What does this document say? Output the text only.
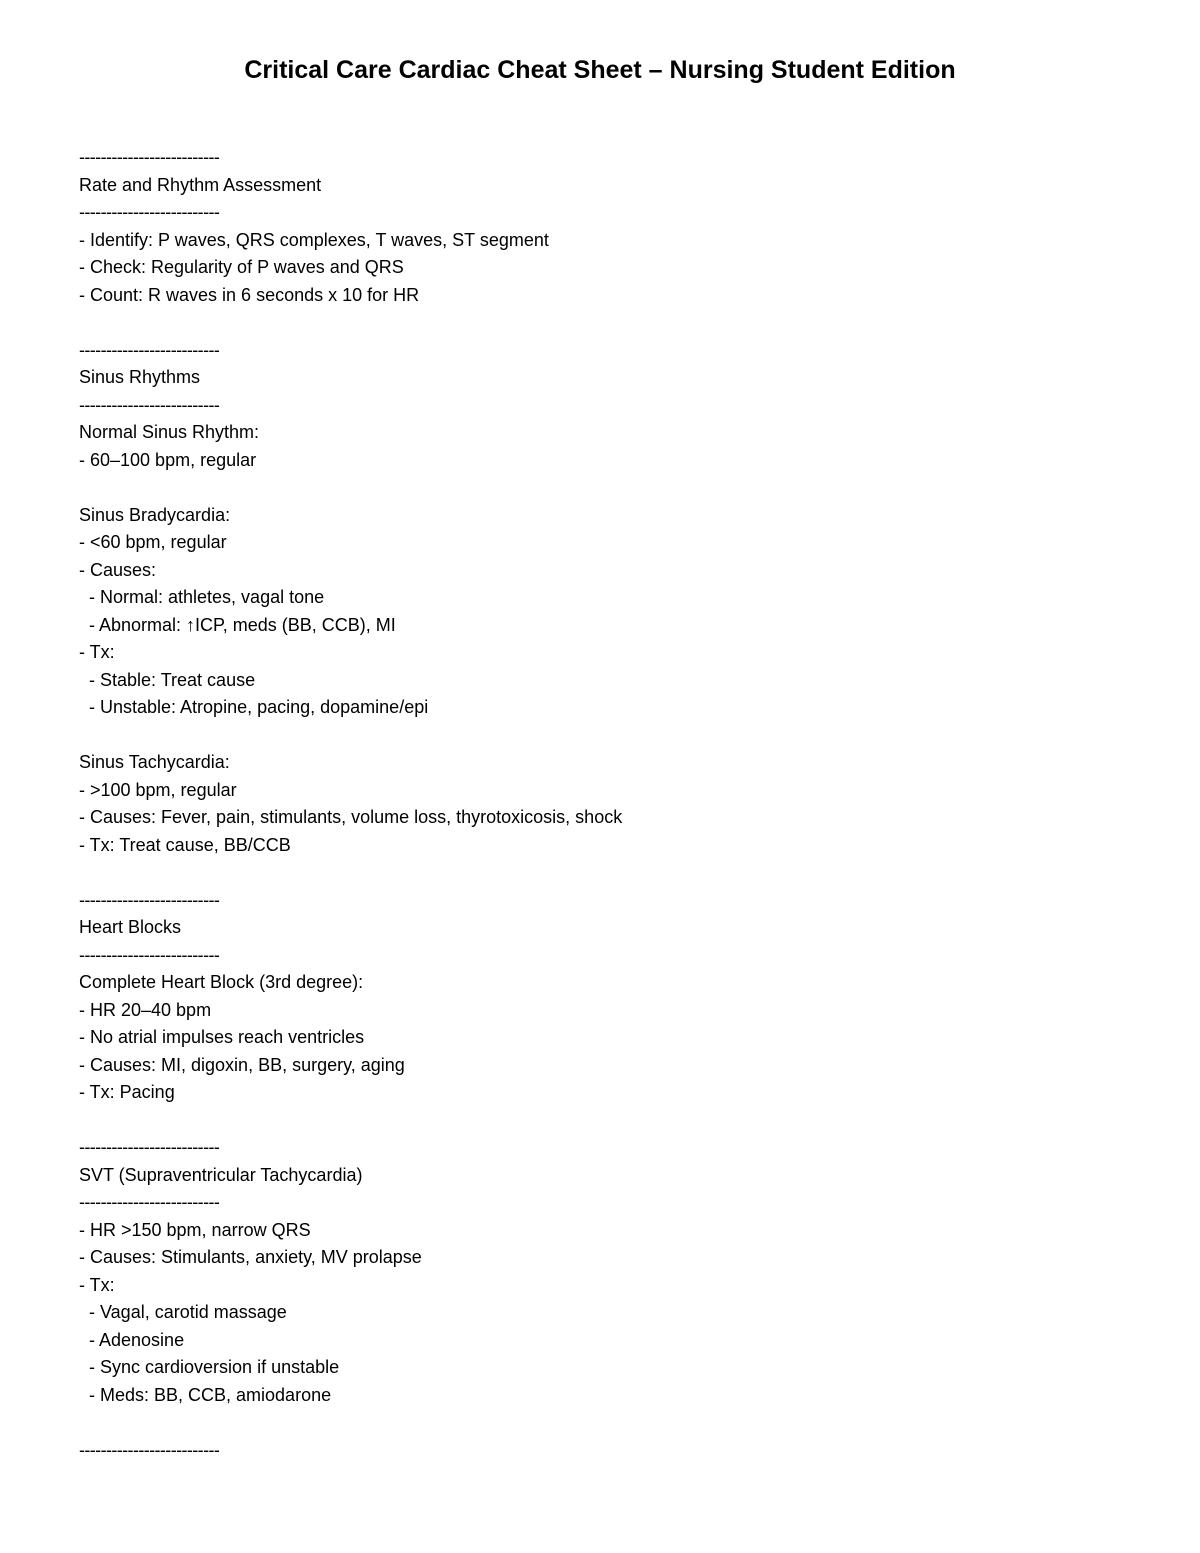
Critical Care Cardiac Cheat Sheet – Nursing Student Edition
--------------------------
Rate and Rhythm Assessment
--------------------------
- Identify: P waves, QRS complexes, T waves, ST segment
- Check: Regularity of P waves and QRS
- Count: R waves in 6 seconds x 10 for HR
--------------------------
Sinus Rhythms
--------------------------
Normal Sinus Rhythm:
- 60–100 bpm, regular
Sinus Bradycardia:
- <60 bpm, regular
- Causes:
- Normal: athletes, vagal tone
- Abnormal: ↑ICP, meds (BB, CCB), MI
- Tx:
- Stable: Treat cause
- Unstable: Atropine, pacing, dopamine/epi
Sinus Tachycardia:
- >100 bpm, regular
- Causes: Fever, pain, stimulants, volume loss, thyrotoxicosis, shock
- Tx: Treat cause, BB/CCB
--------------------------
Heart Blocks
--------------------------
Complete Heart Block (3rd degree):
- HR 20–40 bpm
- No atrial impulses reach ventricles
- Causes: MI, digoxin, BB, surgery, aging
- Tx: Pacing
--------------------------
SVT (Supraventricular Tachycardia)
--------------------------
- HR >150 bpm, narrow QRS
- Causes: Stimulants, anxiety, MV prolapse
- Tx:
- Vagal, carotid massage
- Adenosine
- Sync cardioversion if unstable
- Meds: BB, CCB, amiodarone
--------------------------
